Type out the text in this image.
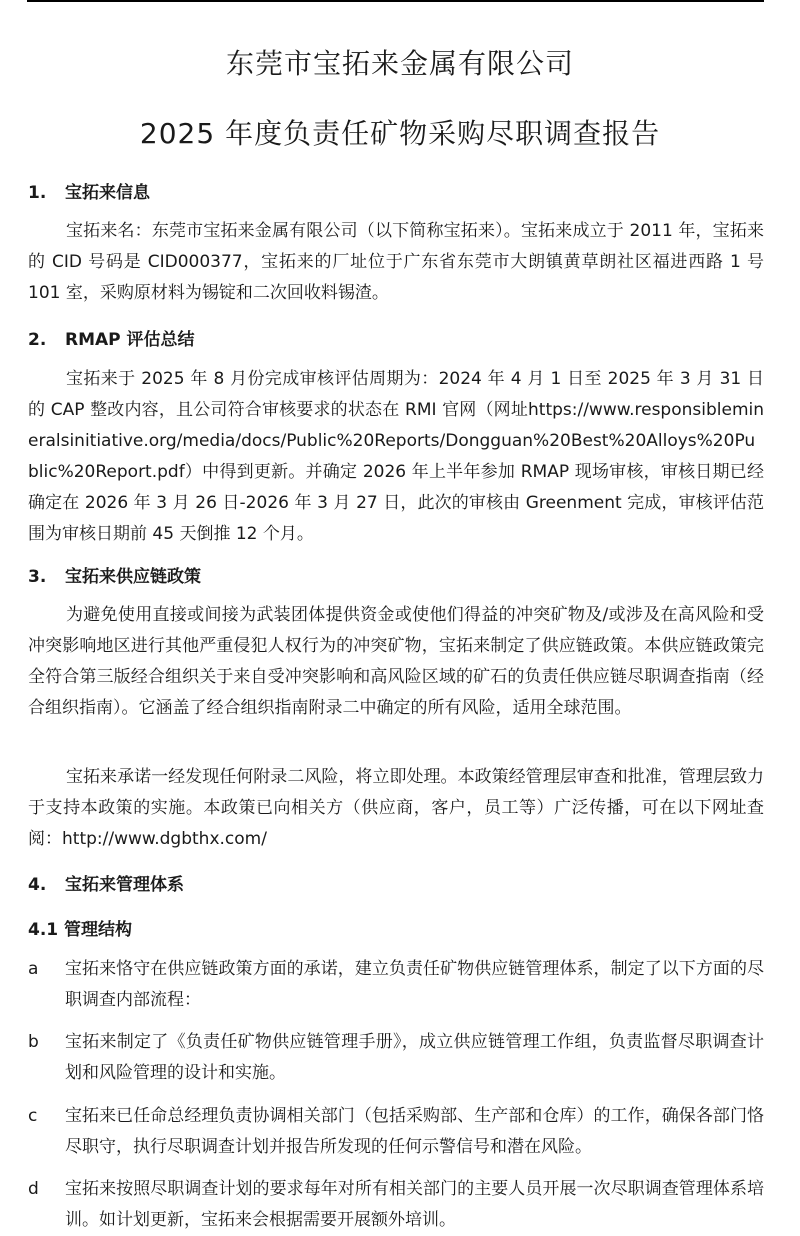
东莞市宝拓来金属有限公司
2025 年度负责任矿物采购尽职调查报告
1. 宝拓来信息
宝拓来名：东莞市宝拓来金属有限公司（以下简称宝拓来）。宝拓来成立于 2011 年，宝拓来的 CID 号码是 CID000377，宝拓来的厂址位于广东省东莞市大朗镇黄草朗社区福进西路 1 号 101 室，采购原材料为锡锭和二次回收料锡渣。
2. RMAP 评估总结
宝拓来于 2025 年 8 月份完成审核评估周期为：2024 年 4 月 1 日至 2025 年 3 月 31 日的 CAP 整改内容，且公司符合审核要求的状态在 RMI 官网（网址https://www.responsiblemineralsinitiative.org/media/docs/Public%20Reports/Dongguan%20Best%20Alloys%20Public%20Report.pdf）中得到更新。并确定 2026 年上半年参加 RMAP 现场审核，审核日期已经确定在 2026 年 3 月 26 日-2026 年 3 月 27 日，此次的审核由 Greenment 完成，审核评估范围为审核日期前 45 天倒推 12 个月。
3. 宝拓来供应链政策
为避免使用直接或间接为武装团体提供资金或使他们得益的冲突矿物及/或涉及在高风险和受冲突影响地区进行其他严重侵犯人权行为的冲突矿物，宝拓来制定了供应链政策。本供应链政策完全符合第三版经合组织关于来自受冲突影响和高风险区域的矿石的负责任供应链尽职调查指南（经合组织指南）。它涵盖了经合组织指南附录二中确定的所有风险，适用全球范围。
宝拓来承诺一经发现任何附录二风险，将立即处理。本政策经管理层审查和批准，管理层致力于支持本政策的实施。本政策已向相关方（供应商，客户，员工等）广泛传播，可在以下网址查阅：http://www.dgbthx.com/
4. 宝拓来管理体系
4.1 管理结构
a	宝拓来恪守在供应链政策方面的承诺，建立负责任矿物供应链管理体系，制定了以下方面的尽职调查内部流程：
b	宝拓来制定了《负责任矿物供应链管理手册》，成立供应链管理工作组，负责监督尽职调查计划和风险管理的设计和实施。
c	宝拓来已任命总经理负责协调相关部门（包括采购部、生产部和仓库）的工作，确保各部门恪尽职守，执行尽职调查计划并报告所发现的任何示警信号和潜在风险。
d	宝拓来按照尽职调查计划的要求每年对所有相关部门的主要人员开展一次尽职调查管理体系培训。如计划更新，宝拓来会根据需要开展额外培训。
